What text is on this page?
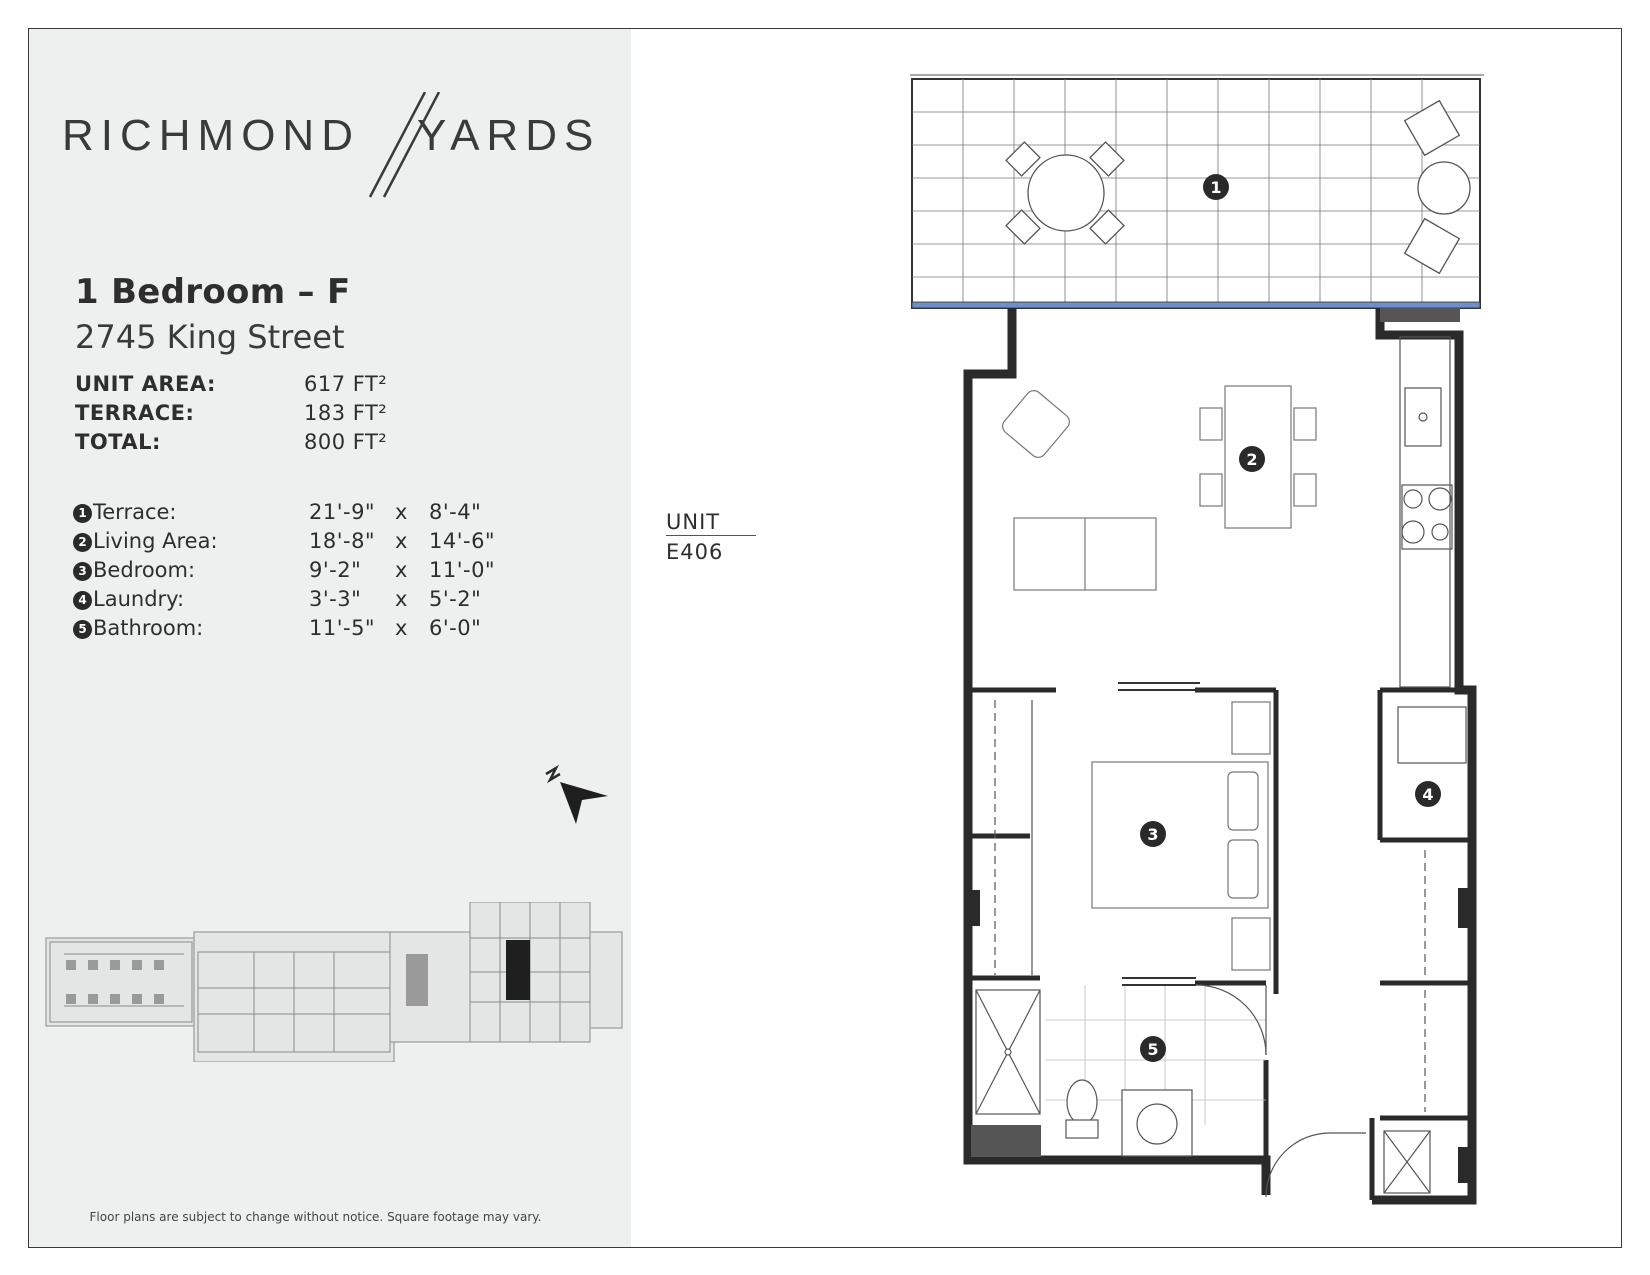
RICHMOND YARDS
1 Bedroom – F
2745 King Street
UNIT AREA:	617 FT²
TERRACE:	183 FT²
TOTAL:	800 FT²
1 Terrace:	21'-9" x 8'-4"
2 Living Area:	18'-8" x 14'-6"
3 Bedroom:	9'-2" x 11'-0"
4 Laundry:	3'-3" x 5'-2"
5 Bathroom:	11'-5" x 6'-0"
Floor plans are subject to change without notice. Square footage may vary.
UNIT
E406
1
2
3
4
5
